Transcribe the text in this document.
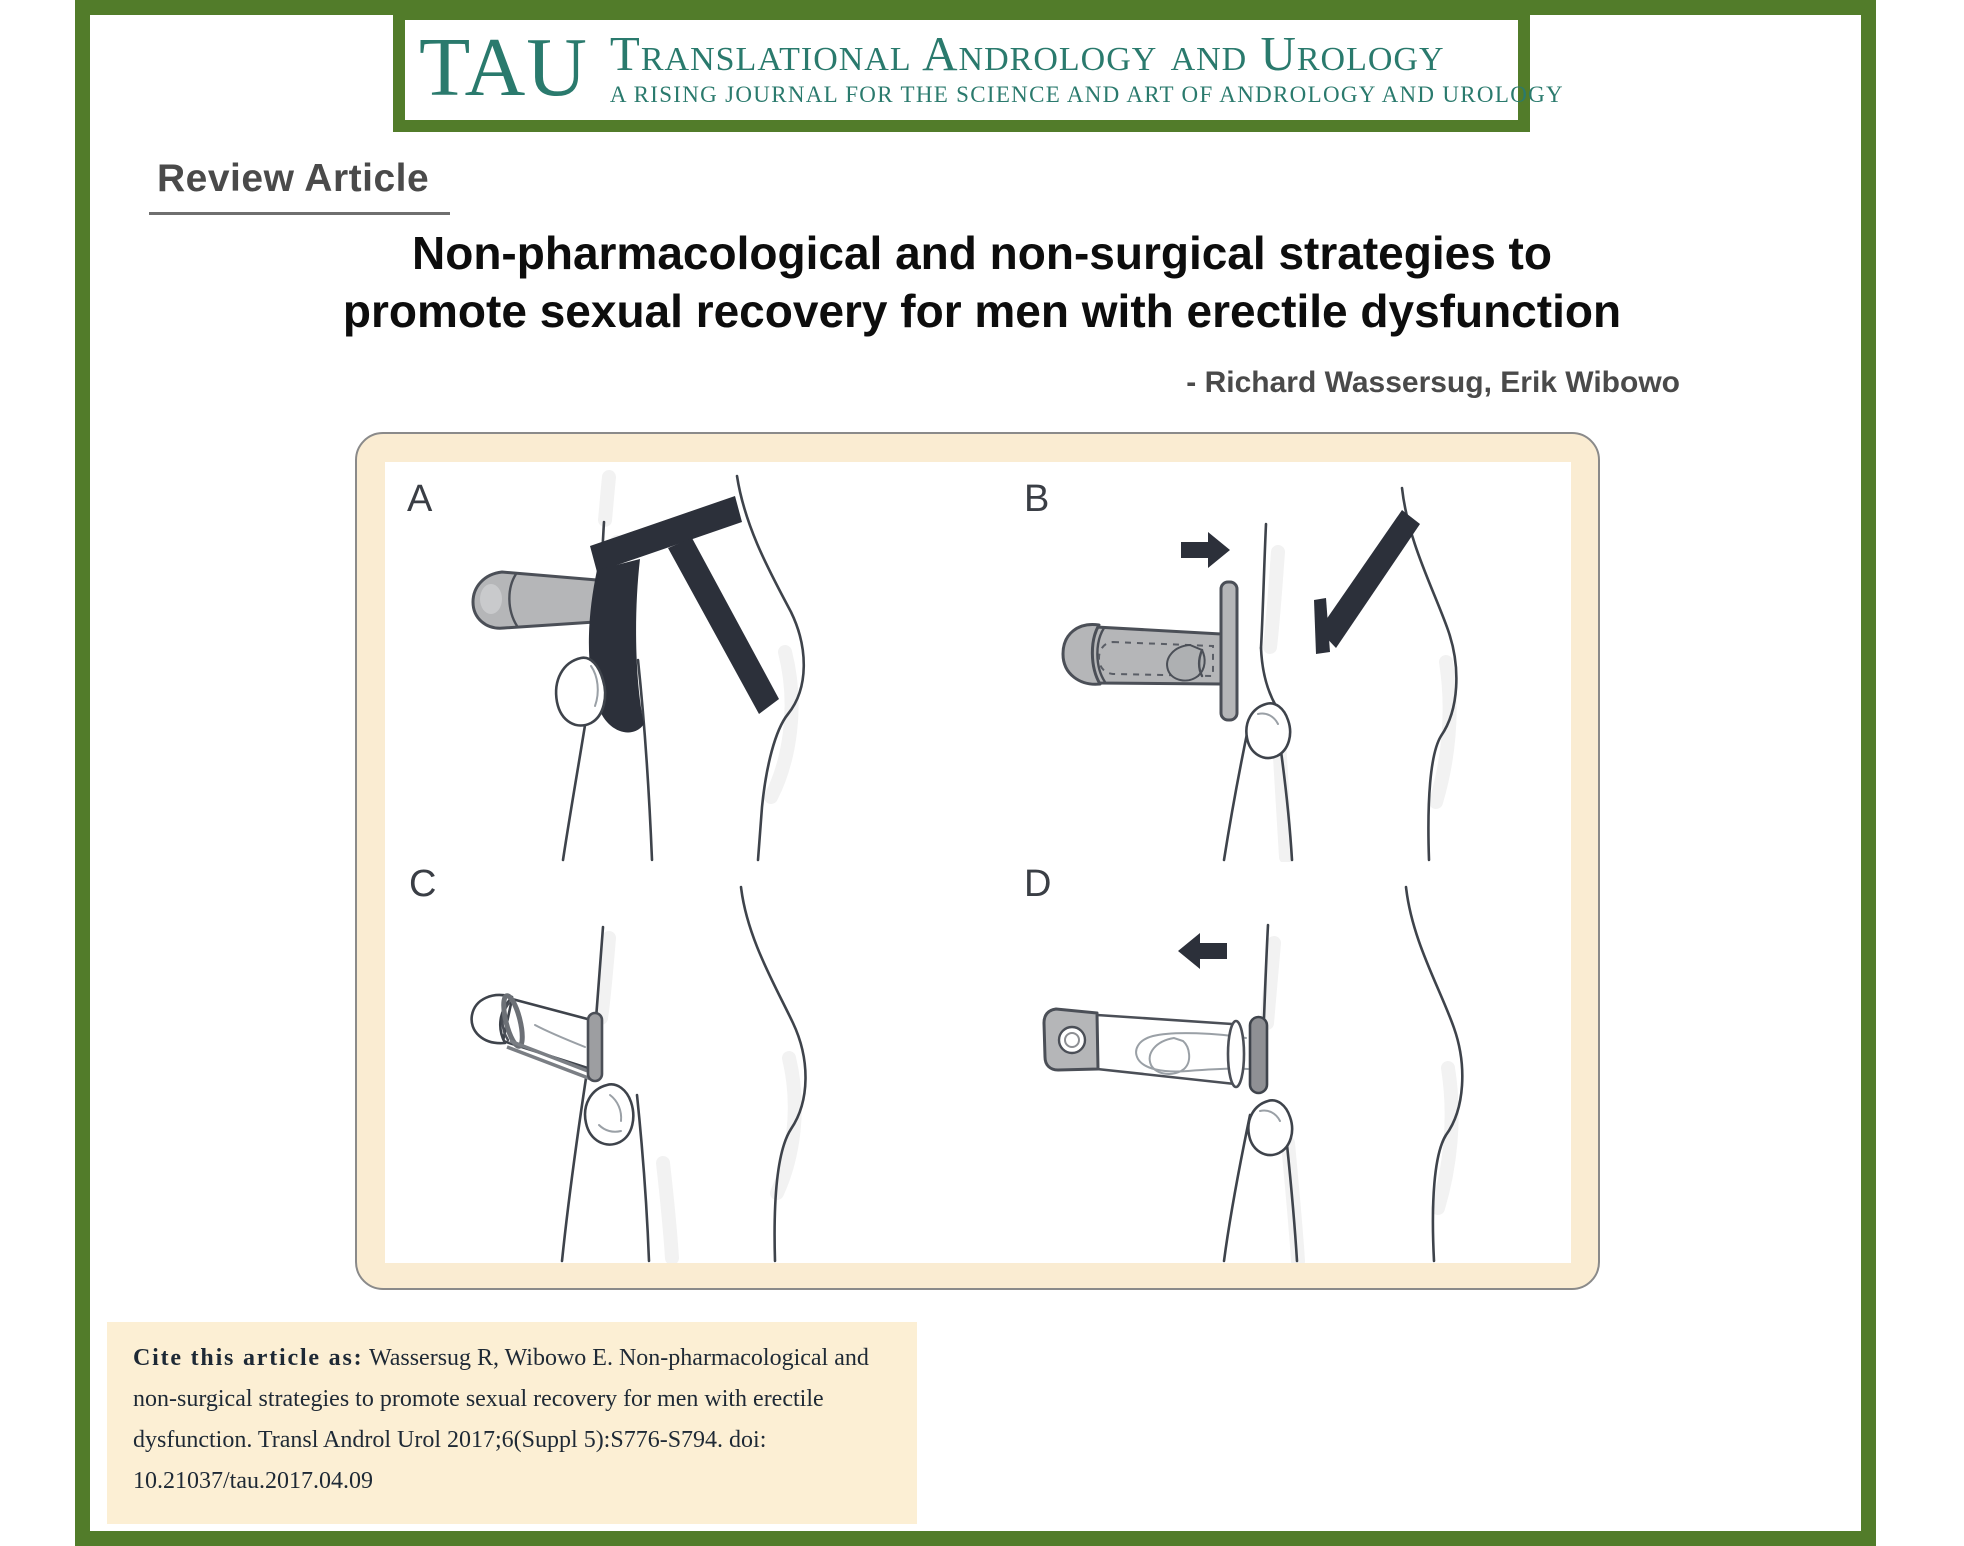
TAU Translational Andrology and Urology
A RISING JOURNAL FOR THE SCIENCE AND ART OF ANDROLOGY AND UROLOGY
Review Article
Non-pharmacological and non-surgical strategies to
promote sexual recovery for men with erectile dysfunction
- Richard Wassersug, Erik Wibowo
A	B
C	D
Cite this article as: Wassersug R, Wibowo E. Non-pharmacological and non-surgical strategies to promote sexual recovery for men with erectile dysfunction. Transl Androl Urol 2017;6(Suppl 5):S776-S794. doi: 10.21037/tau.2017.04.09
